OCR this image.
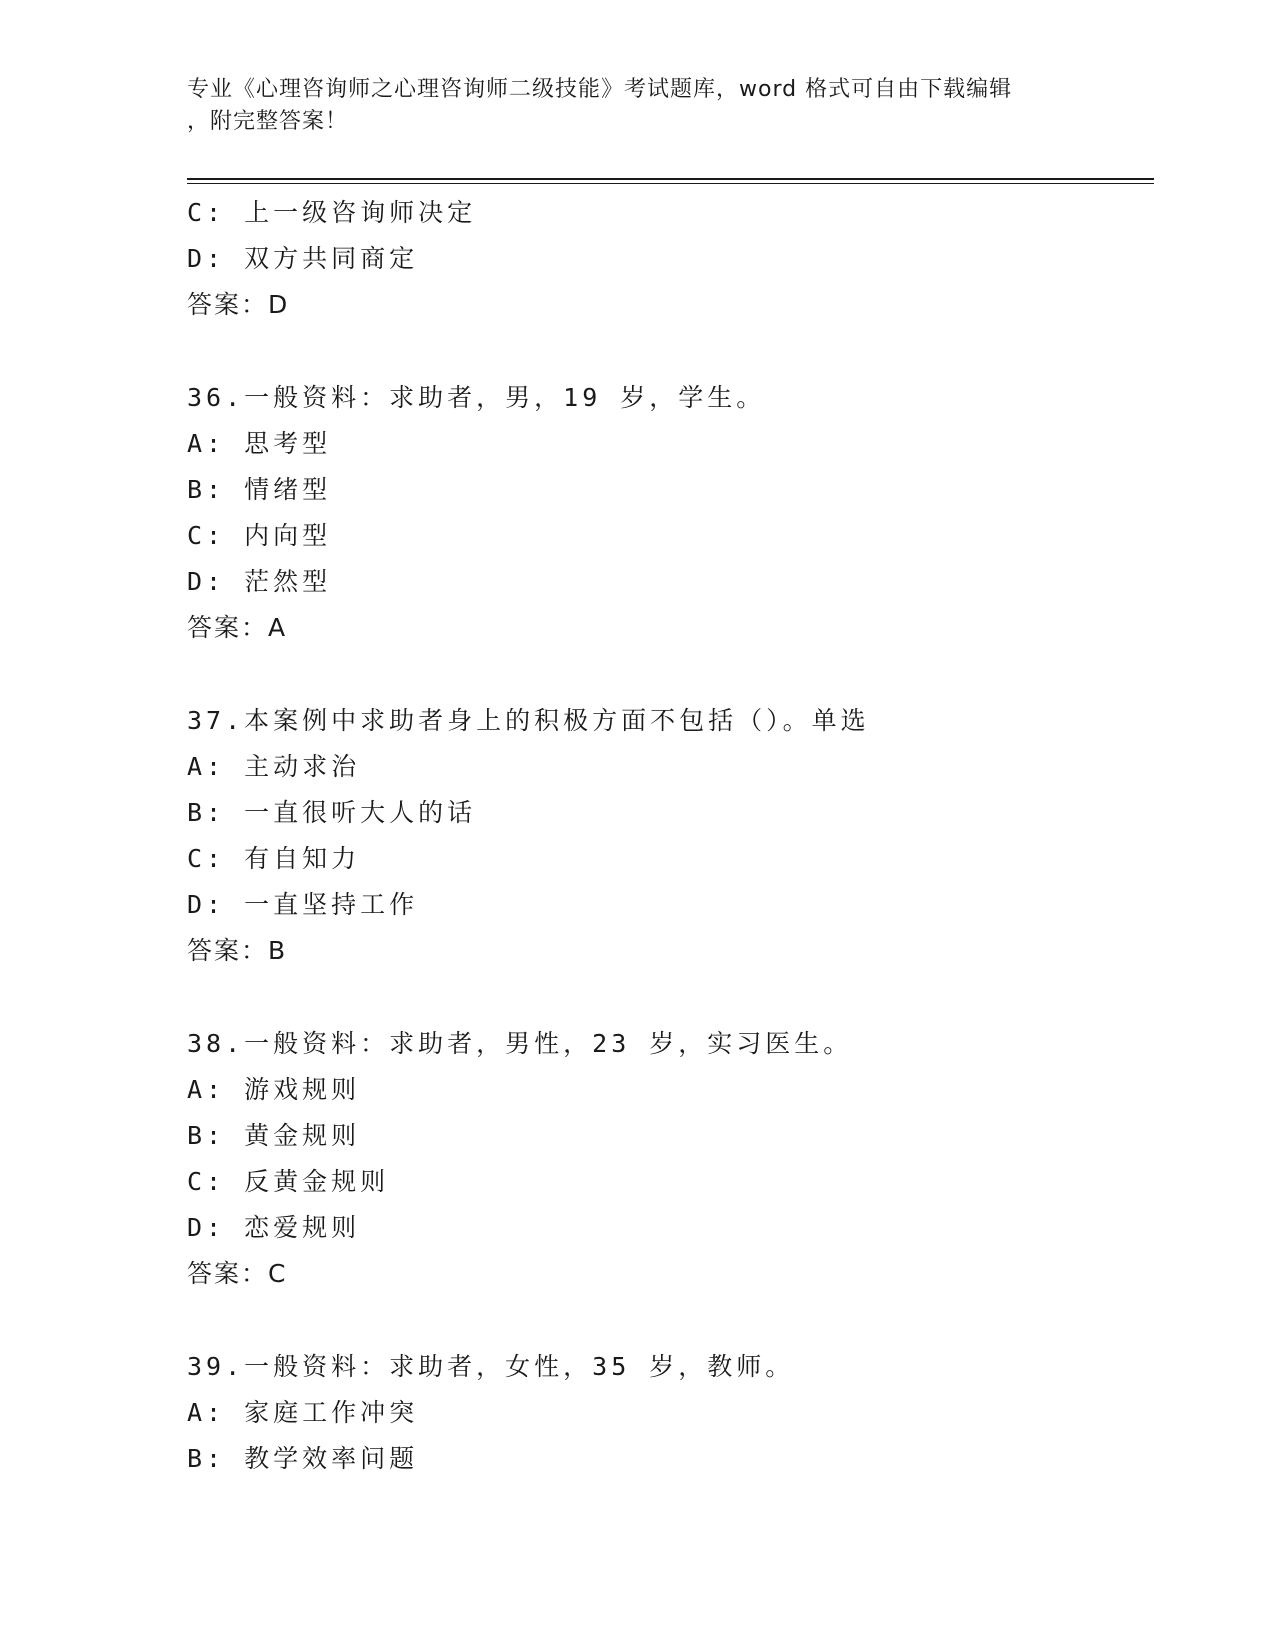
专业《心理咨询师之心理咨询师二级技能》考试题库，word 格式可自由下载编辑
，附完整答案！
C: 上一级咨询师决定
D: 双方共同商定
答案：D
36.一般资料：求助者，男，19 岁，学生。
A: 思考型
B: 情绪型
C: 内向型
D: 茫然型
答案：A
37.本案例中求助者身上的积极方面不包括（）。单选
A: 主动求治
B: 一直很听大人的话
C: 有自知力
D: 一直坚持工作
答案：B
38.一般资料：求助者，男性，23 岁，实习医生。
A: 游戏规则
B: 黄金规则
C: 反黄金规则
D: 恋爱规则
答案：C
39.一般资料：求助者，女性，35 岁，教师。
A: 家庭工作冲突
B: 教学效率问题
